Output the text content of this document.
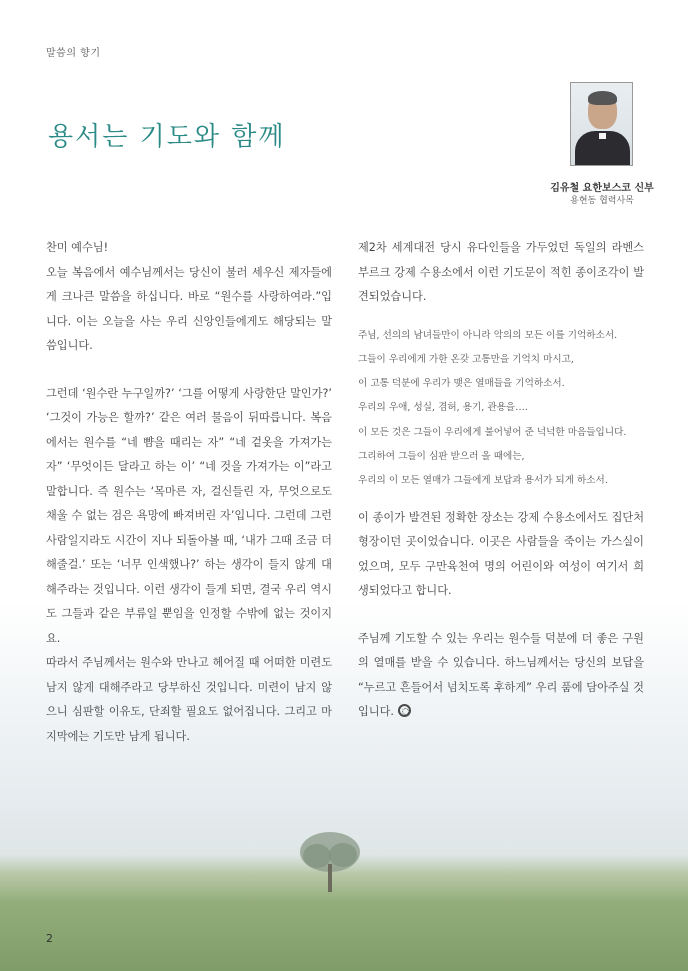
말씀의 향기
용서는 기도와 함께
김유철 요한보스코 신부
용현동 협력사목

찬미 예수님!

오늘 복음에서 예수님께서는 당신이 불러 세우신 제자들에게 크나큰 말씀을 하십니다. 바로 “원수를 사랑하여라.”입니다. 이는 오늘을 사는 우리 신앙인들에게도 해당되는 말씀입니다.

그런데 ‘원수란 누구일까?’ ‘그를 어떻게 사랑한단 말인가?’ ‘그것이 가능은 할까?’ 같은 여러 물음이 뒤따릅니다. 복음에서는 원수를 “네 뺨을 때리는 자” “네 겉옷을 가져가는 자” ‘무엇이든 달라고 하는 이’ “네 것을 가져가는 이”라고 말합니다. 즉 원수는 ‘목마른 자, 걸신들린 자, 무엇으로도 채울 수 없는 검은 욕망에 빠져버린 자’입니다. 그런데 그런 사람일지라도 시간이 지나 되돌아볼 때, ‘내가 그때 조금 더 해줄걸.’ 또는 ‘너무 인색했나?’ 하는 생각이 들지 않게 대해주라는 것입니다. 이런 생각이 들게 되면, 결국 우리 역시도 그들과 같은 부류일 뿐임을 인정할 수밖에 없는 것이지요.

따라서 주님께서는 원수와 만나고 헤어질 때 어떠한 미련도 남지 않게 대해주라고 당부하신 것입니다. 미련이 남지 않으니 심판할 이유도, 단죄할 필요도 없어집니다. 그리고 마지막에는 기도만 남게 됩니다.

제2차 세계대전 당시 유다인들을 가두었던 독일의 라벤스부르크 강제 수용소에서 이런 기도문이 적힌 종이조각이 발견되었습니다.

주님, 선의의 남녀들만이 아니라 악의의 모든 이를 기억하소서.

그들이 우리에게 가한 온갖 고통만을 기억치 마시고,

이 고통 덕분에 우리가 맺은 열매들을 기억하소서.

우리의 우애, 성실, 겸허, 용기, 관용을….

이 모든 것은 그들이 우리에게 불어넣어 준 넉넉한 마음들입니다.

그리하여 그들이 심판 받으러 올 때에는,

우리의 이 모든 열매가 그들에게 보답과 용서가 되게 하소서.

이 종이가 발견된 정확한 장소는 강제 수용소에서도 집단처형장이던 곳이었습니다. 이곳은 사람들을 죽이는 가스실이었으며, 모두 구만육천여 명의 어린이와 여성이 여기서 희생되었다고 합니다.

주님께 기도할 수 있는 우리는 원수들 덕분에 더 좋은 구원의 열매를 받을 수 있습니다. 하느님께서는 당신의 보답을 “누르고 흔들어서 넘치도록 후하게” 우리 품에 담아주실 것입니다.

2
